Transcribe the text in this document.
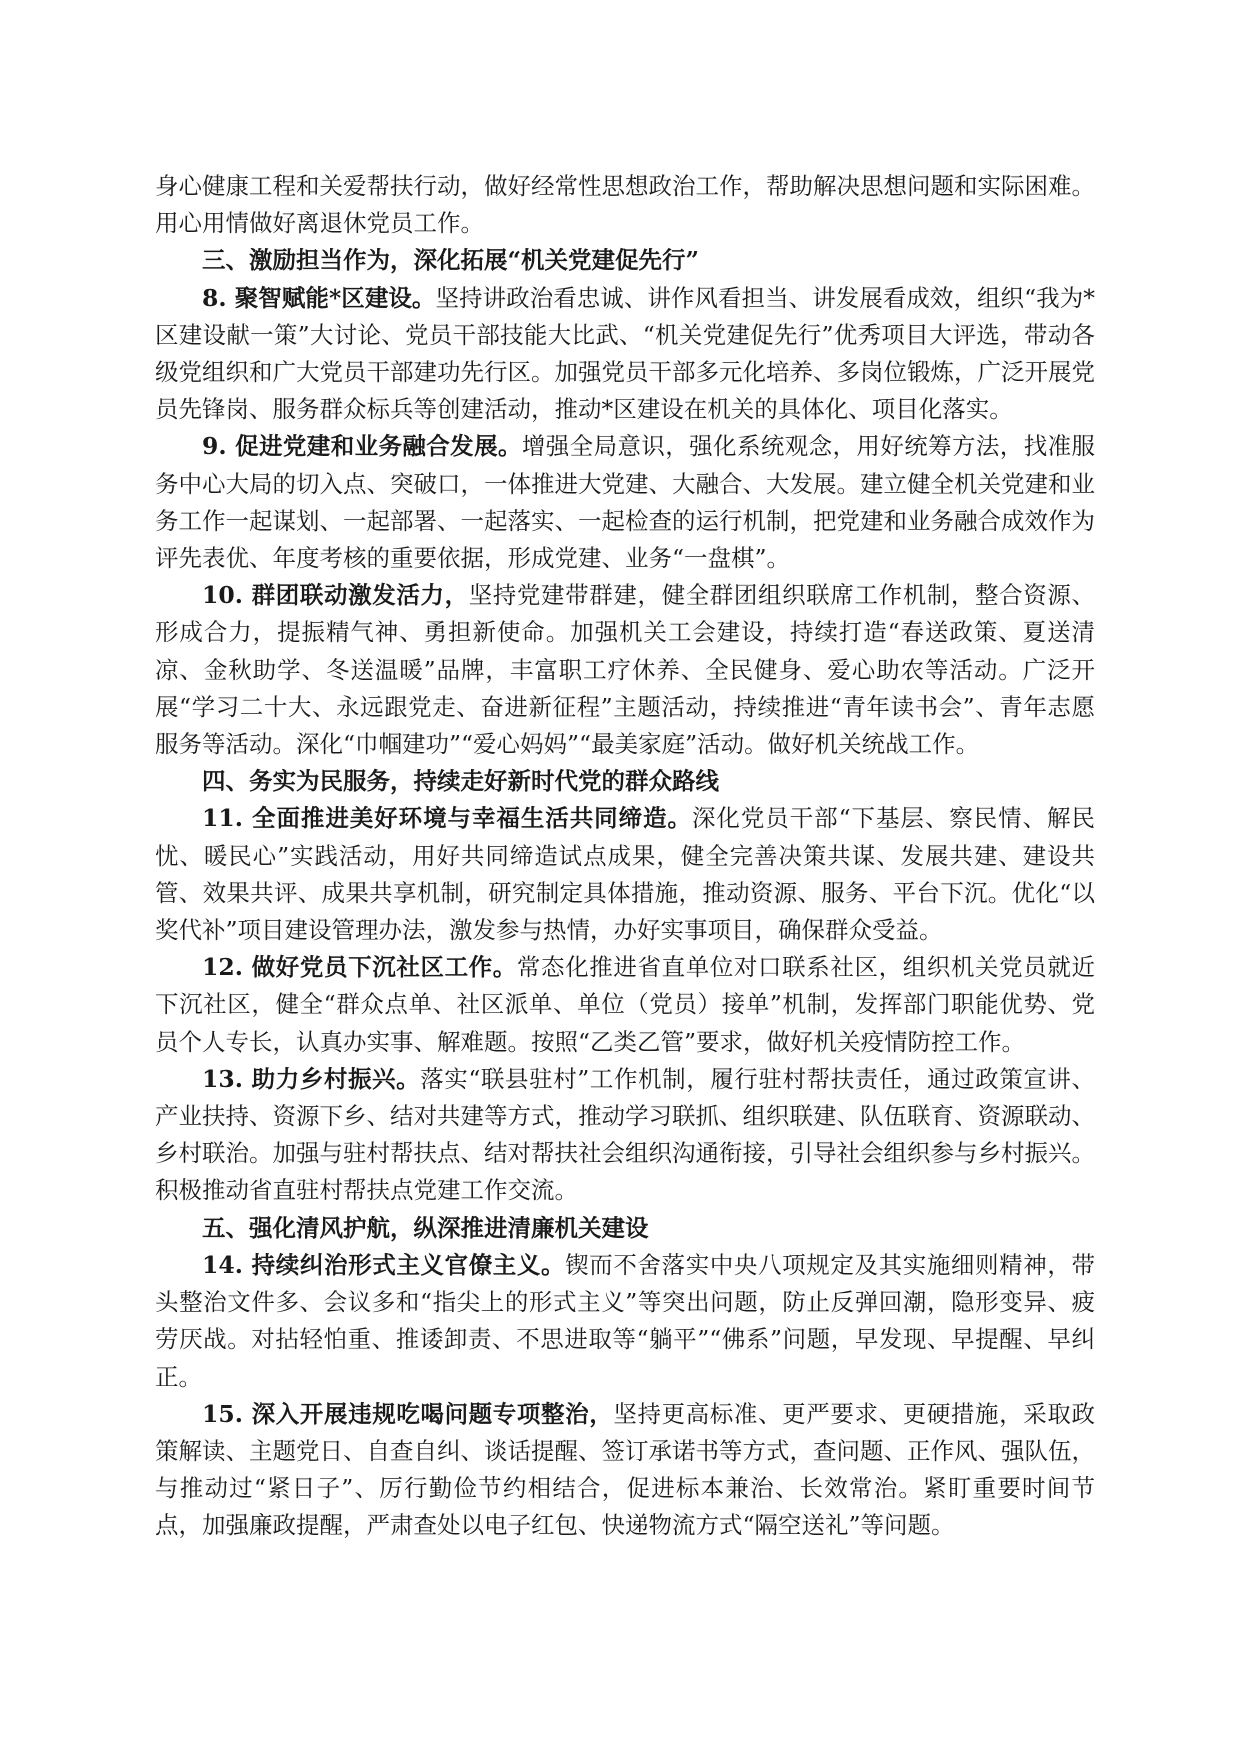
身心健康工程和关爱帮扶行动，做好经常性思想政治工作，帮助解决思想问题和实际困难。用心用情做好离退休党员工作。

三、激励担当作为，深化拓展“机关党建促先行”

8. 聚智赋能*区建设。坚持讲政治看忠诚、讲作风看担当、讲发展看成效，组织“我为*区建设献一策”大讨论、党员干部技能大比武、“机关党建促先行”优秀项目大评选，带动各级党组织和广大党员干部建功先行区。加强党员干部多元化培养、多岗位锻炼，广泛开展党员先锋岗、服务群众标兵等创建活动，推动*区建设在机关的具体化、项目化落实。

9. 促进党建和业务融合发展。增强全局意识，强化系统观念，用好统筹方法，找准服务中心大局的切入点、突破口，一体推进大党建、大融合、大发展。建立健全机关党建和业务工作一起谋划、一起部署、一起落实、一起检查的运行机制，把党建和业务融合成效作为评先表优、年度考核的重要依据，形成党建、业务“一盘棋”。

10. 群团联动激发活力，坚持党建带群建，健全群团组织联席工作机制，整合资源、形成合力，提振精气神、勇担新使命。加强机关工会建设，持续打造“春送政策、夏送清凉、金秋助学、冬送温暖”品牌，丰富职工疗休养、全民健身、爱心助农等活动。广泛开展“学习二十大、永远跟党走、奋进新征程”主题活动，持续推进“青年读书会”、青年志愿服务等活动。深化“巾帼建功”“爱心妈妈”“最美家庭”活动。做好机关统战工作。

四、务实为民服务，持续走好新时代党的群众路线

11. 全面推进美好环境与幸福生活共同缔造。深化党员干部“下基层、察民情、解民忧、暖民心”实践活动，用好共同缔造试点成果，健全完善决策共谋、发展共建、建设共管、效果共评、成果共享机制，研究制定具体措施，推动资源、服务、平台下沉。优化“以奖代补”项目建设管理办法，激发参与热情，办好实事项目，确保群众受益。

12. 做好党员下沉社区工作。常态化推进省直单位对口联系社区，组织机关党员就近下沉社区，健全“群众点单、社区派单、单位（党员）接单”机制，发挥部门职能优势、党员个人专长，认真办实事、解难题。按照“乙类乙管”要求，做好机关疫情防控工作。

13. 助力乡村振兴。落实“联县驻村”工作机制，履行驻村帮扶责任，通过政策宣讲、产业扶持、资源下乡、结对共建等方式，推动学习联抓、组织联建、队伍联育、资源联动、乡村联治。加强与驻村帮扶点、结对帮扶社会组织沟通衔接，引导社会组织参与乡村振兴。积极推动省直驻村帮扶点党建工作交流。

五、强化清风护航，纵深推进清廉机关建设

14. 持续纠治形式主义官僚主义。锲而不舍落实中央八项规定及其实施细则精神，带头整治文件多、会议多和“指尖上的形式主义”等突出问题，防止反弹回潮，隐形变异、疲劳厌战。对拈轻怕重、推诿卸责、不思进取等“躺平”“佛系”问题，早发现、早提醒、早纠正。

15. 深入开展违规吃喝问题专项整治，坚持更高标准、更严要求、更硬措施，采取政策解读、主题党日、自查自纠、谈话提醒、签订承诺书等方式，查问题、正作风、强队伍，与推动过“紧日子”、厉行勤俭节约相结合，促进标本兼治、长效常治。紧盯重要时间节点，加强廉政提醒，严肃查处以电子红包、快递物流方式“隔空送礼”等问题。
